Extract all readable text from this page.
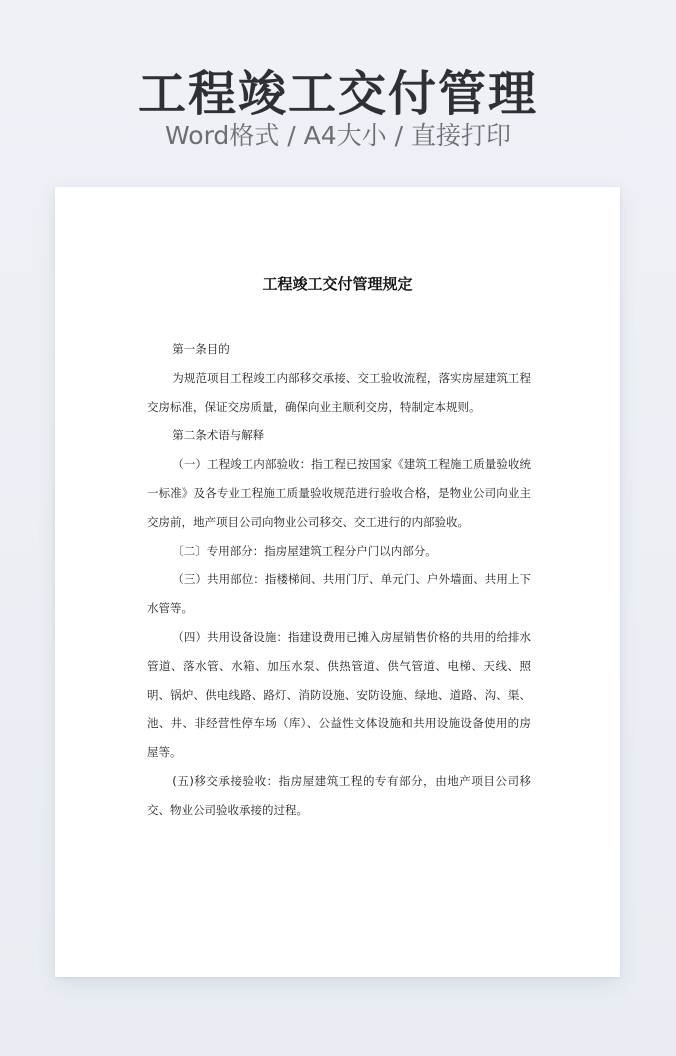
工程竣工交付管理
Word格式 / A4大小 / 直接打印
工程竣工交付管理规定

第一条目的

为规范项目工程竣工内部移交承接、交工验收流程，落实房屋建筑工程交房标准，保证交房质量，确保向业主顺利交房，特制定本规则。

第二条术语与解释

（一）工程竣工内部验收：指工程已按国家《建筑工程施工质量验收统一标准》及各专业工程施工质量验收规范进行验收合格，是物业公司向业主交房前，地产项目公司向物业公司移交、交工进行的内部验收。

〔二〕专用部分：指房屋建筑工程分户门以内部分。

（三）共用部位：指楼梯间、共用门厅、单元门、户外墙面、共用上下水管等。

（四）共用设备设施：指建设费用已摊入房屋销售价格的共用的给排水管道、落水管、水箱、加压水泵、供热管道、供气管道、电梯、天线、照明、锅炉、供电线路、路灯、消防设施、安防设施、绿地、道路、沟、渠、池、井、非经营性停车场（库）、公益性文体设施和共用设施设备使用的房屋等。

(五)移交承接验收：指房屋建筑工程的专有部分，由地产项目公司移交、物业公司验收承接的过程。
